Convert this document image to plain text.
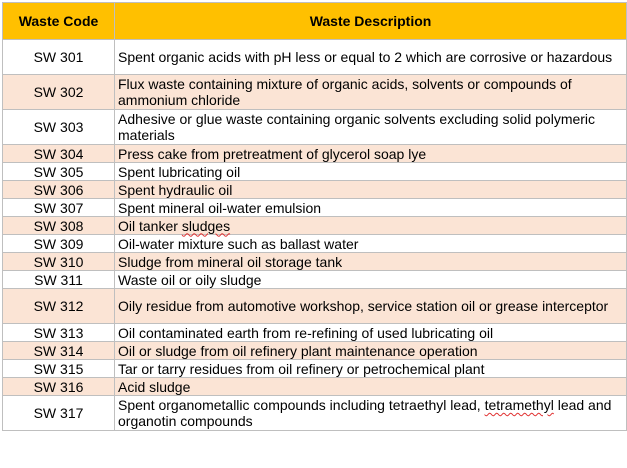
Waste Code	Waste Description
SW 301	Spent organic acids with pH less or equal to 2 which are corrosive or hazardous
SW 302	Flux waste containing mixture of organic acids, solvents or compounds of ammonium chloride
SW 303	Adhesive or glue waste containing organic solvents excluding solid polymeric materials
SW 304	Press cake from pretreatment of glycerol soap lye
SW 305	Spent lubricating oil
SW 306	Spent hydraulic oil
SW 307	Spent mineral oil-water emulsion
SW 308	Oil tanker sludges
SW 309	Oil-water mixture such as ballast water
SW 310	Sludge from mineral oil storage tank
SW 311	Waste oil or oily sludge
SW 312	Oily residue from automotive workshop, service station oil or grease interceptor
SW 313	Oil contaminated earth from re-refining of used lubricating oil
SW 314	Oil or sludge from oil refinery plant maintenance operation
SW 315	Tar or tarry residues from oil refinery or petrochemical plant
SW 316	Acid sludge
SW 317	Spent organometallic compounds including tetraethyl lead, tetramethyl lead and organotin compounds
